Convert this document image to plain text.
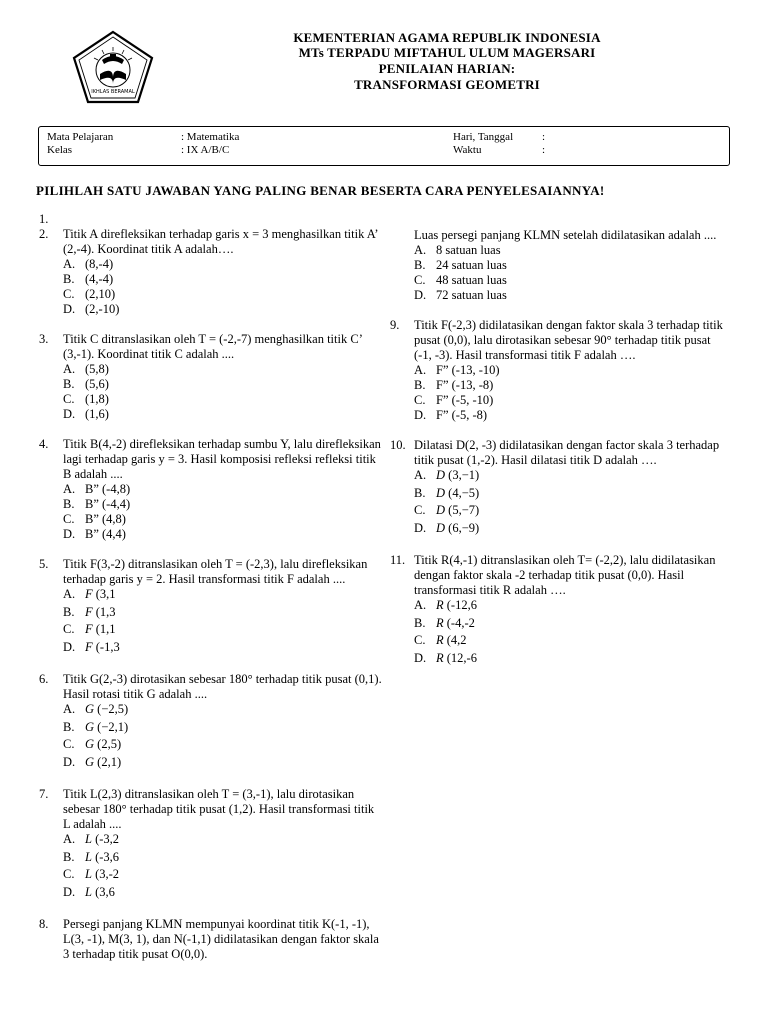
IKHLAS BERAMAL
KEMENTERIAN AGAMA REPUBLIK INDONESIA
MTs TERPADU MIFTAHUL ULUM MAGERSARI
PENILAIAN HARIAN:
TRANSFORMASI GEOMETRI
Mata Pelajaran	: Matematika
Kelas	: IX A/B/C
Hari, Tanggal	:
Waktu	:
PILIHLAH SATU JAWABAN YANG PALING BENAR BESERTA CARA PENYELESAIANNYA!
1.
2. Titik A direfleksikan terhadap garis x = 3 menghasilkan titik A’ (2,-4). Koordinat titik A adalah….
A. (8,-4)
B. (4,-4)
C. (2,10)
D. (2,-10)
3. Titik C ditranslasikan oleh T = (-2,-7) menghasilkan titik C’ (3,-1). Koordinat titik C adalah ....
A. (5,8)
B. (5,6)
C. (1,8)
D. (1,6)
4. Titik B(4,-2) direfleksikan terhadap sumbu Y, lalu direfleksikan lagi terhadap garis y = 3. Hasil komposisi refleksi refleksi titik B adalah ....
A. B” (-4,8)
B. B” (-4,4)
C. B” (4,8)
D. B” (4,4)
5. Titik F(3,-2) ditranslasikan oleh T = (-2,3), lalu direfleksikan terhadap garis y = 2. Hasil transformasi titik F adalah ....
A. F (3,1
B. F (1,3
C. F (1,1
D. F (-1,3
6. Titik G(2,-3) dirotasikan sebesar 180° terhadap titik pusat (0,1). Hasil rotasi titik G adalah ....
A. G (−2,5)
B. G (−2,1)
C. G (2,5)
D. G (2,1)
7. Titik L(2,3) ditranslasikan oleh T = (3,-1), lalu dirotasikan sebesar 180° terhadap titik pusat (1,2). Hasil transformasi titik L adalah ....
A. L (-3,2
B. L (-3,6
C. L (3,-2
D. L (3,6
8. Persegi panjang KLMN mempunyai koordinat titik K(-1, -1), L(3, -1), M(3, 1), dan N(-1,1) didilatasikan dengan faktor skala 3 terhadap titik pusat O(0,0).
Luas persegi panjang KLMN setelah didilatasikan adalah ....
A. 8 satuan luas
B. 24 satuan luas
C. 48 satuan luas
D. 72 satuan luas
9. Titik F(-2,3) didilatasikan dengan faktor skala 3 terhadap titik pusat (0,0), lalu dirotasikan sebesar 90° terhadap titik pusat (-1, -3). Hasil transformasi titik F adalah ….
A. F” (-13, -10)
B. F” (-13, -8)
C. F” (-5, -10)
D. F” (-5, -8)
10. Dilatasi D(2, -3) didilatasikan dengan factor skala 3 terhadap titik pusat (1,-2). Hasil dilatasi titik D adalah ….
A. D (3,−1)
B. D (4,−5)
C. D (5,−7)
D. D (6,−9)
11. Titik R(4,-1) ditranslasikan oleh T= (-2,2), lalu didilatasikan dengan faktor skala -2 terhadap titik pusat (0,0). Hasil transformasi titik R adalah ….
A. R (-12,6
B. R (-4,-2
C. R (4,2
D. R (12,-6
